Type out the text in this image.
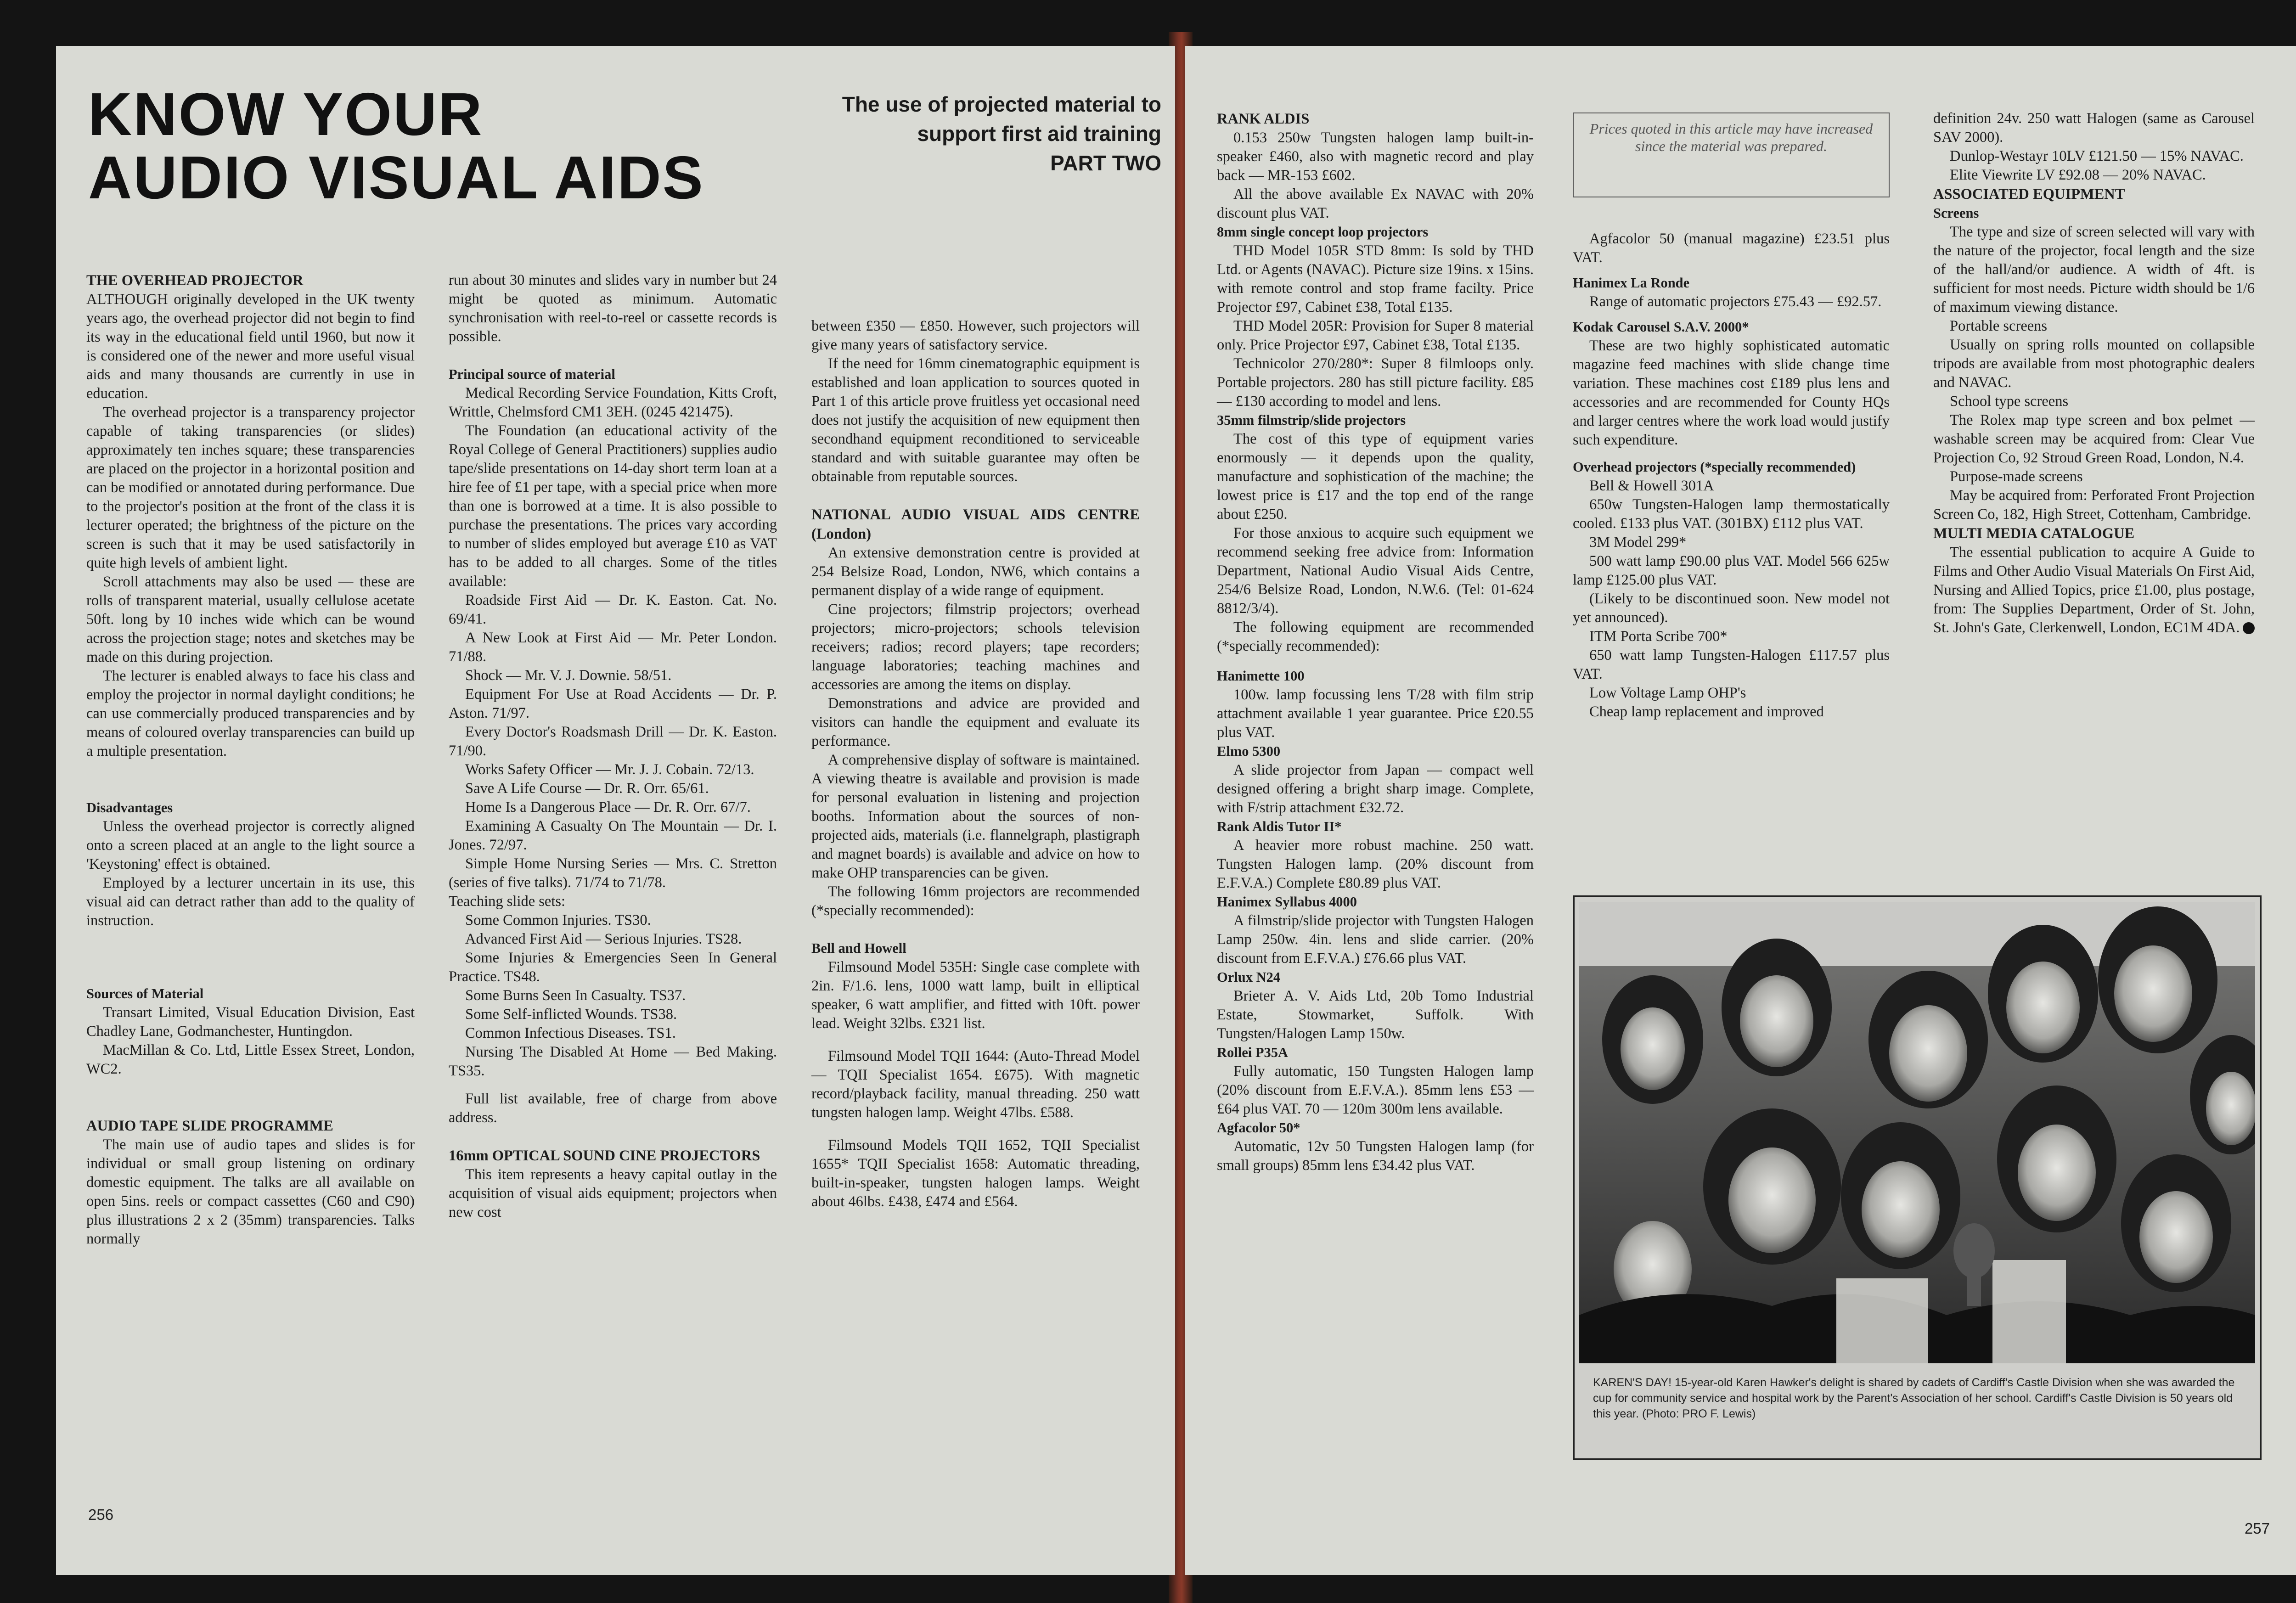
KNOW YOUR
AUDIO VISUAL AIDS
The use of projected material to
support first aid training
PART TWO
THE OVERHEAD PROJECTOR

ALTHOUGH originally developed in the UK twenty years ago, the overhead projector did not begin to find its way in the educational field until 1960, but now it is considered one of the newer and more useful visual aids and many thousands are currently in use in education.

The overhead projector is a transparency projector capable of taking transparencies (or slides) approximately ten inches square; these transparencies are placed on the projector in a horizontal position and can be modified or annotated during performance. Due to the projector's position at the front of the class it is lecturer operated; the brightness of the picture on the screen is such that it may be used satisfactorily in quite high levels of ambient light.

Scroll attachments may also be used — these are rolls of transparent material, usually cellulose acetate 50ft. long by 10 inches wide which can be wound across the projection stage; notes and sketches may be made on this during projection.

The lecturer is enabled always to face his class and employ the projector in normal daylight conditions; he can use commercially produced transparencies and by means of coloured overlay transparencies can build up a multiple presentation.

Disadvantages

Unless the overhead projector is correctly aligned onto a screen placed at an angle to the light source a 'Keystoning' effect is obtained.

Employed by a lecturer uncertain in its use, this visual aid can detract rather than add to the quality of instruction.

Sources of Material

Transart Limited, Visual Education Division, East Chadley Lane, Godmanchester, Huntingdon.

MacMillan & Co. Ltd, Little Essex Street, London, WC2.

AUDIO TAPE SLIDE PROGRAMME

The main use of audio tapes and slides is for individual or small group listening on ordinary domestic equipment. The talks are all available on open 5ins. reels or compact cassettes (C60 and C90) plus illustrations 2 x 2 (35mm) transparencies. Talks normally

run about 30 minutes and slides vary in number but 24 might be quoted as minimum. Automatic synchronisation with reel-to-reel or cassette records is possible.

Principal source of material

Medical Recording Service Foundation, Kitts Croft, Writtle, Chelmsford CM1 3EH. (0245 421475).

The Foundation (an educational activity of the Royal College of General Practitioners) supplies audio tape/slide presentations on 14-day short term loan at a hire fee of £1 per tape, with a special price when more than one is borrowed at a time. It is also possible to purchase the presentations. The prices vary according to number of slides employed but average £10 as VAT has to be added to all charges. Some of the titles available:

Roadside First Aid — Dr. K. Easton. Cat. No. 69/41.

A New Look at First Aid — Mr. Peter London. 71/88.

Shock — Mr. V. J. Downie. 58/51.

Equipment For Use at Road Accidents — Dr. P. Aston. 71/97.

Every Doctor's Roadsmash Drill — Dr. K. Easton. 71/90.

Works Safety Officer — Mr. J. J. Cobain. 72/13.

Save A Life Course — Dr. R. Orr. 65/61.

Home Is a Dangerous Place — Dr. R. Orr. 67/7.

Examining A Casualty On The Mountain — Dr. I. Jones. 72/97.

Simple Home Nursing Series — Mrs. C. Stretton (series of five talks). 71/74 to 71/78.

Teaching slide sets:

Some Common Injuries. TS30.

Advanced First Aid — Serious Injuries. TS28.

Some Injuries & Emergencies Seen In General Practice. TS48.

Some Burns Seen In Casualty. TS37.

Some Self-inflicted Wounds. TS38.

Common Infectious Diseases. TS1.

Nursing The Disabled At Home — Bed Making. TS35.

Full list available, free of charge from above address.

16mm OPTICAL SOUND CINE PROJECTORS

This item represents a heavy capital outlay in the acquisition of visual aids equipment; projectors when new cost

between £350 — £850. However, such projectors will give many years of satisfactory service.

If the need for 16mm cinematographic equipment is established and loan application to sources quoted in Part 1 of this article prove fruitless yet occasional need does not justify the acquisition of new equipment then secondhand equipment reconditioned to serviceable standard and with suitable guarantee may often be obtainable from reputable sources.

NATIONAL AUDIO VISUAL AIDS CENTRE (London)

An extensive demonstration centre is provided at 254 Belsize Road, London, NW6, which contains a permanent display of a wide range of equipment.

Cine projectors; filmstrip projectors; overhead projectors; micro-projectors; schools television receivers; radios; record players; tape recorders; language laboratories; teaching machines and accessories are among the items on display.

Demonstrations and advice are provided and visitors can handle the equipment and evaluate its performance.

A comprehensive display of software is maintained. A viewing theatre is available and provision is made for personal evaluation in listening and projection booths. Information about the sources of non-projected aids, materials (i.e. flannelgraph, plastigraph and magnet boards) is available and advice on how to make OHP transparencies can be given.

The following 16mm projectors are recommended (*specially recommended):

Bell and Howell

Filmsound Model 535H: Single case complete with 2in. F/1.6. lens, 1000 watt lamp, built in elliptical speaker, 6 watt amplifier, and fitted with 10ft. power lead. Weight 32lbs. £321 list.

Filmsound Model TQII 1644: (Auto-Thread Model — TQII Specialist 1654. £675). With magnetic record/playback facility, manual threading. 250 watt tungsten halogen lamp. Weight 47lbs. £588.

Filmsound Models TQII 1652, TQII Specialist 1655* TQII Specialist 1658: Automatic threading, built-in-speaker, tungsten halogen lamps. Weight about 46lbs. £438, £474 and £564.

256
RANK ALDIS

0.153 250w Tungsten halogen lamp built-in-speaker £460, also with magnetic record and play back — MR-153 £602.

All the above available Ex NAVAC with 20% discount plus VAT.

8mm single concept loop projectors

THD Model 105R STD 8mm: Is sold by THD Ltd. or Agents (NAVAC). Picture size 19ins. x 15ins. with remote control and stop frame facilty. Price Projector £97, Cabinet £38, Total £135.

THD Model 205R: Provision for Super 8 material only. Price Projector £97, Cabinet £38, Total £135.

Technicolor 270/280*: Super 8 filmloops only. Portable projectors. 280 has still picture facility. £85 — £130 according to model and lens.

35mm filmstrip/slide projectors

The cost of this type of equipment varies enormously — it depends upon the quality, manufacture and sophistication of the machine; the lowest price is £17 and the top end of the range about £250.

For those anxious to acquire such equipment we recommend seeking free advice from: Information Department, National Audio Visual Aids Centre, 254/6 Belsize Road, London, N.W.6. (Tel: 01-624 8812/3/4).

The following equipment are recommended (*specially recommended):

Hanimette 100

100w. lamp focussing lens T/28 with film strip attachment available 1 year guarantee. Price £20.55 plus VAT.

Elmo 5300

A slide projector from Japan — compact well designed offering a bright sharp image. Complete, with F/strip attachment £32.72.

Rank Aldis Tutor II*

A heavier more robust machine. 250 watt. Tungsten Halogen lamp. (20% discount from E.F.V.A.) Complete £80.89 plus VAT.

Hanimex Syllabus 4000

A filmstrip/slide projector with Tungsten Halogen Lamp 250w. 4in. lens and slide carrier. (20% discount from E.F.V.A.) £76.66 plus VAT.

Orlux N24

Brieter A. V. Aids Ltd, 20b Tomo Industrial Estate, Stowmarket, Suffolk. With Tungsten/Halogen Lamp 150w.

Rollei P35A

Fully automatic, 150 Tungsten Halogen lamp (20% discount from E.F.V.A.). 85mm lens £53 — £64 plus VAT. 70 — 120m 300m lens available.

Agfacolor 50*

Automatic, 12v 50 Tungsten Halogen lamp (for small groups) 85mm lens £34.42 plus VAT.

Prices quoted in this article may have increased since the material was prepared.

Agfacolor 50 (manual magazine) £23.51 plus VAT.

Hanimex La Ronde

Range of automatic projectors £75.43 — £92.57.

Kodak Carousel S.A.V. 2000*

These are two highly sophisticated automatic magazine feed machines with slide change time variation. These machines cost £189 plus lens and accessories and are recommended for County HQs and larger centres where the work load would justify such expenditure.

Overhead projectors (*specially recommended)

Bell & Howell 301A

650w Tungsten-Halogen lamp thermostatically cooled. £133 plus VAT. (301BX) £112 plus VAT.

3M Model 299*

500 watt lamp £90.00 plus VAT. Model 566 625w lamp £125.00 plus VAT.

(Likely to be discontinued soon. New model not yet announced).

ITM Porta Scribe 700*

650 watt lamp Tungsten-Halogen £117.57 plus VAT.

Low Voltage Lamp OHP's

Cheap lamp replacement and improved

definition 24v. 250 watt Halogen (same as Carousel SAV 2000).

Dunlop-Westayr 10LV £121.50 — 15% NAVAC.

Elite Viewrite LV £92.08 — 20% NAVAC.

ASSOCIATED EQUIPMENT
Screens

The type and size of screen selected will vary with the nature of the projector, focal length and the size of the hall/and/or audience. A width of 4ft. is sufficient for most needs. Picture width should be 1/6 of maximum viewing distance.

Portable screens

Usually on spring rolls mounted on collapsible tripods are available from most photographic dealers and NAVAC.

School type screens

The Rolex map type screen and box pelmet — washable screen may be acquired from: Clear Vue Projection Co, 92 Stroud Green Road, London, N.4.

Purpose-made screens

May be acquired from: Perforated Front Projection Screen Co, 182, High Street, Cottenham, Cambridge.

MULTI MEDIA CATALOGUE

The essential publication to acquire A Guide to Films and Other Audio Visual Materials On First Aid, Nursing and Allied Topics, price £1.00, plus postage, from: The Supplies Department, Order of St. John, St. John's Gate, Clerkenwell, London, EC1M 4DA.

KAREN'S DAY! 15-year-old Karen Hawker's delight is shared by cadets of Cardiff's Castle Division when she was awarded the cup for community service and hospital work by the Parent's Association of her school. Cardiff's Castle Division is 50 years old this year. (Photo: PRO F. Lewis)
257
